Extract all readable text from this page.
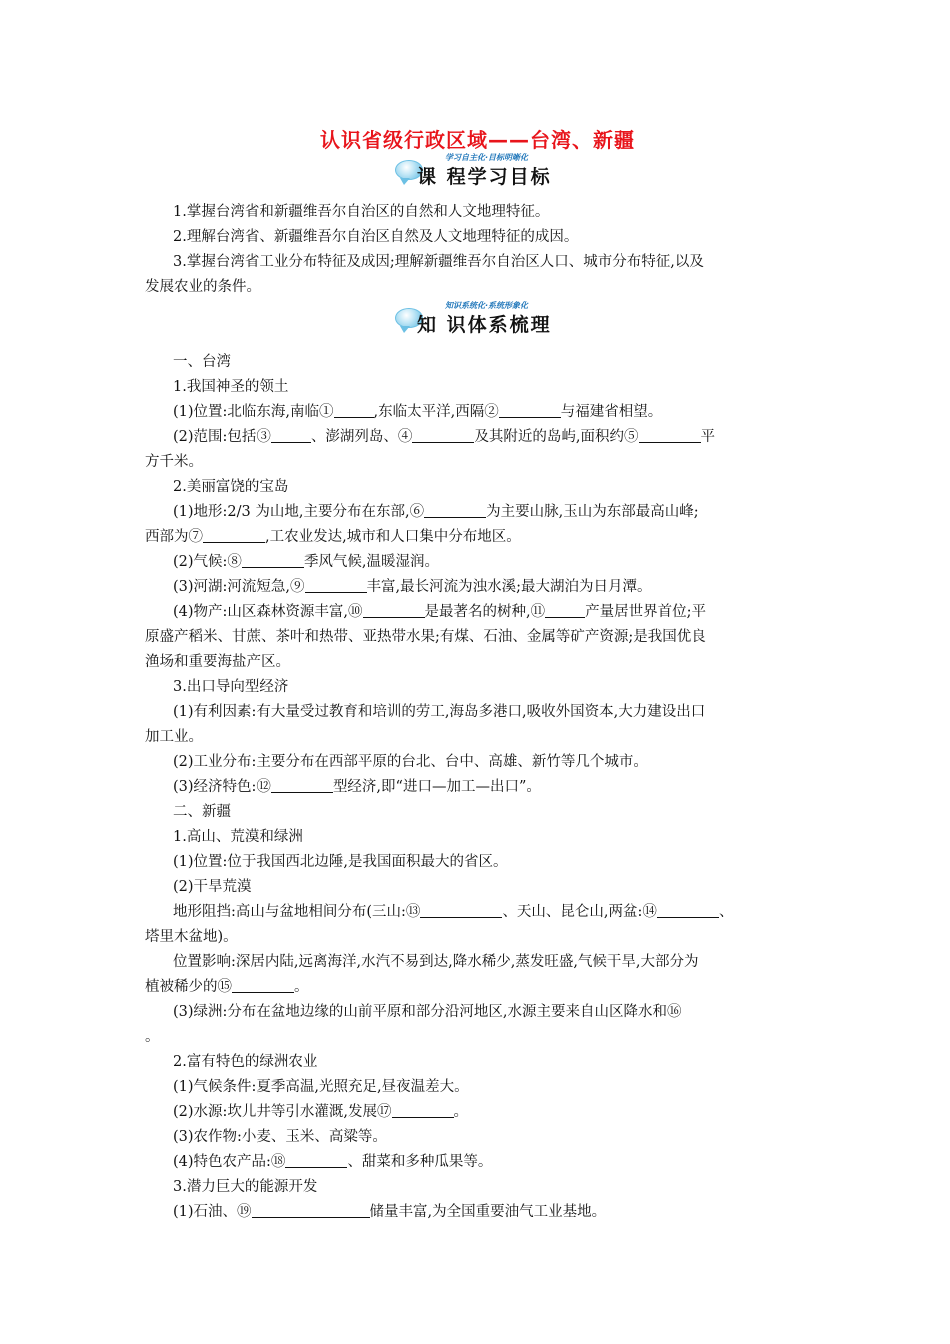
认识省级行政区域——台湾、新疆
学习自主化·目标明晰化
课 程学习目标
1.掌握台湾省和新疆维吾尔自治区的自然和人文地理特征。
2.理解台湾省、新疆维吾尔自治区自然及人文地理特征的成因。
3.掌握台湾省工业分布特征及成因;理解新疆维吾尔自治区人口、城市分布特征,以及
发展农业的条件。
知识系统化·系统形象化
知 识体系梳理
一、台湾
1.我国神圣的领土
(1)位置:北临东海,南临①	,东临太平洋,西隔②	与福建省相望。
(2)范围:包括③	、澎湖列岛、④	及其附近的岛屿,面积约⑤	平
方千米。
2.美丽富饶的宝岛
(1)地形:2/3 为山地,主要分布在东部,⑥	为主要山脉,玉山为东部最高山峰;
西部为⑦	,工农业发达,城市和人口集中分布地区。
(2)气候:⑧	季风气候,温暖湿润。
(3)河湖:河流短急,⑨	丰富,最长河流为浊水溪;最大湖泊为日月潭。
(4)物产:山区森林资源丰富,⑩	是最著名的树种,⑪	产量居世界首位;平
原盛产稻米、甘蔗、茶叶和热带、亚热带水果;有煤、石油、金属等矿产资源;是我国优良
渔场和重要海盐产区。
3.出口导向型经济
(1)有利因素:有大量受过教育和培训的劳工,海岛多港口,吸收外国资本,大力建设出口
加工业。
(2)工业分布:主要分布在西部平原的台北、台中、高雄、新竹等几个城市。
(3)经济特色:⑫	型经济,即“进口—加工—出口”。
二、新疆
1.高山、荒漠和绿洲
(1)位置:位于我国西北边陲,是我国面积最大的省区。
(2)干旱荒漠
地形阻挡:高山与盆地相间分布(三山:⑬	、天山、昆仑山,两盆:⑭	、
塔里木盆地)。
位置影响:深居内陆,远离海洋,水汽不易到达,降水稀少,蒸发旺盛,气候干旱,大部分为
植被稀少的⑮	。
(3)绿洲:分布在盆地边缘的山前平原和部分沿河地区,水源主要来自山区降水和⑯
。
2.富有特色的绿洲农业
(1)气候条件:夏季高温,光照充足,昼夜温差大。
(2)水源:坎儿井等引水灌溉,发展⑰	。
(3)农作物:小麦、玉米、高粱等。
(4)特色农产品:⑱	、甜菜和多种瓜果等。
3.潜力巨大的能源开发
(1)石油、⑲	储量丰富,为全国重要油气工业基地。
